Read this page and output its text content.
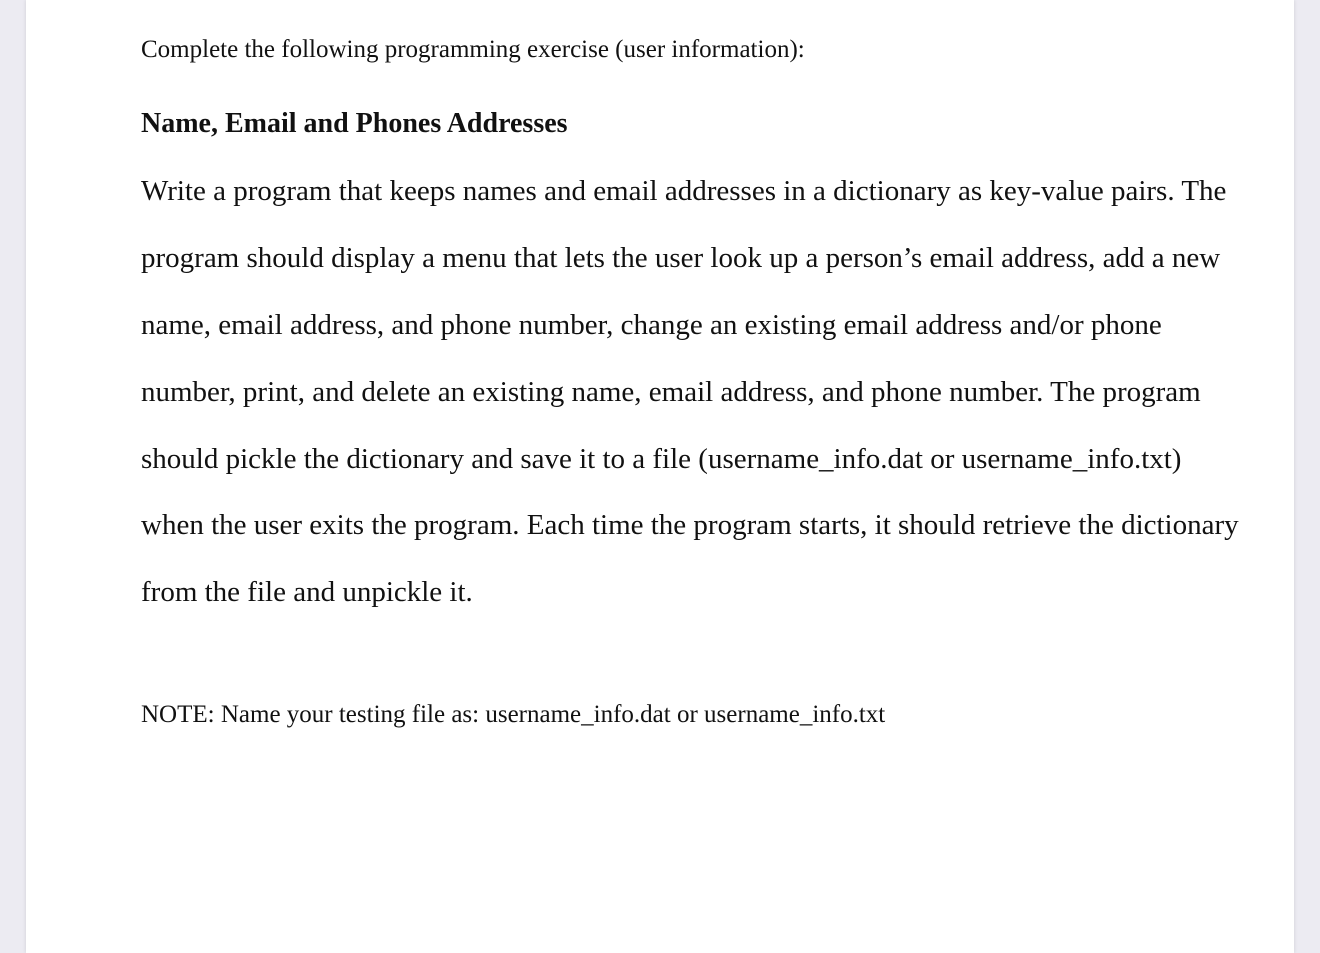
Complete the following programming exercise (user information):

Name, Email and Phones Addresses
Write a program that keeps names and email addresses in a dictionary as key-value pairs. The
program should display a menu that lets the user look up a person’s email address, add a new
name, email address, and phone number, change an existing email address and/or phone
number, print, and delete an existing name, email address, and phone number. The program
should pickle the dictionary and save it to a file (username_info.dat or username_info.txt)
when the user exits the program. Each time the program starts, it should retrieve the dictionary
from the file and unpickle it.

NOTE: Name your testing file as: username_info.dat or username_info.txt
